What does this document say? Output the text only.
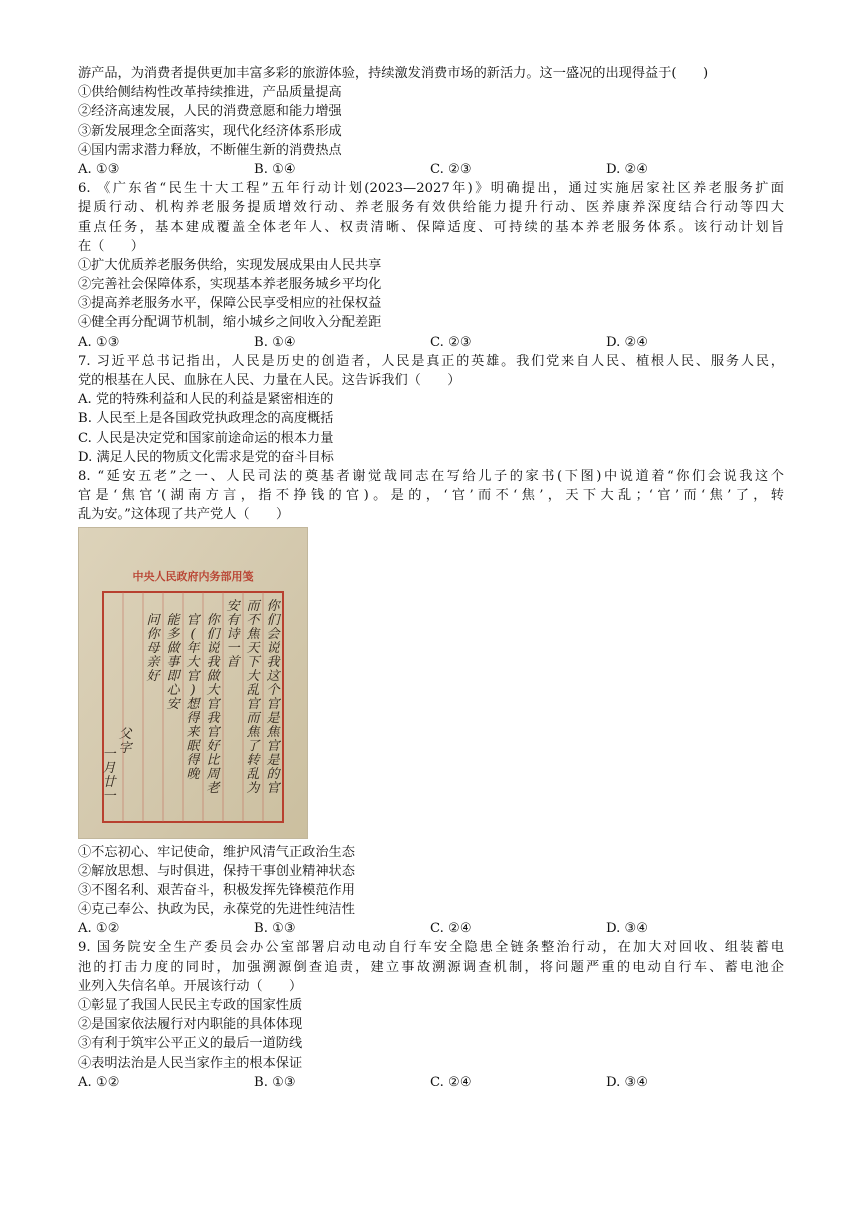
游产品，为消费者提供更加丰富多彩的旅游体验，持续激发消费市场的新活力。这一盛况的出现得益于(　　)
①供给侧结构性改革持续推进，产品质量提高
②经济高速发展，人民的消费意愿和能力增强
③新发展理念全面落实，现代化经济体系形成
④国内需求潜力释放，不断催生新的消费热点
A. ①③	B. ①④	C. ②③	D. ②④
6. 《广东省“民生十大工程”五年行动计划(2023—2027年)》明确提出，通过实施居家社区养老服务扩面
提质行动、机构养老服务提质增效行动、养老服务有效供给能力提升行动、医养康养深度结合行动等四大
重点任务，基本建成覆盖全体老年人、权责清晰、保障适度、可持续的基本养老服务体系。该行动计划旨
在（　　）
①扩大优质养老服务供给，实现发展成果由人民共享
②完善社会保障体系，实现基本养老服务城乡平均化
③提高养老服务水平，保障公民享受相应的社保权益
④健全再分配调节机制，缩小城乡之间收入分配差距
A. ①③	B. ①④	C. ②③	D. ②④
7. 习近平总书记指出，人民是历史的创造者，人民是真正的英雄。我们党来自人民、植根人民、服务人民，
党的根基在人民、血脉在人民、力量在人民。这告诉我们（　　）
A. 党的特殊利益和人民的利益是紧密相连的
B. 人民至上是各国政党执政理念的高度概括
C. 人民是决定党和国家前途命运的根本力量
D. 满足人民的物质文化需求是党的奋斗目标
8. “延安五老”之一、人民司法的奠基者谢觉哉同志在写给儿子的家书(下图)中说道着“你们会说我这个
官是‘焦官’(湖南方言，指不挣钱的官)。是的，‘官’而不‘焦’，天下大乱；‘官’而‘焦’了，转
乱为安。”这体现了共产党人（　　）
中央人民政府内务部用笺
你们会说我这个官是焦官是的官
而不焦天下大乱官而焦了转乱为
安有诗一首
你们说我做大官我官好比周老
官(年大官)想得来眠得晚
能多做事即心安
问你母亲好
父字
一月廿一
①不忘初心、牢记使命，维护风清气正政治生态
②解放思想、与时俱进，保持干事创业精神状态
③不图名利、艰苦奋斗，积极发挥先锋模范作用
④克己奉公、执政为民，永葆党的先进性纯洁性
A. ①②	B. ①③	C. ②④	D. ③④
9. 国务院安全生产委员会办公室部署启动电动自行车安全隐患全链条整治行动，在加大对回收、组装蓄电
池的打击力度的同时，加强溯源倒查追责，建立事故溯源调查机制，将问题严重的电动自行车、蓄电池企
业列入失信名单。开展该行动（　　）
①彰显了我国人民民主专政的国家性质
②是国家依法履行对内职能的具体体现
③有利于筑牢公平正义的最后一道防线
④表明法治是人民当家作主的根本保证
A. ①②	B. ①③	C. ②④	D. ③④
